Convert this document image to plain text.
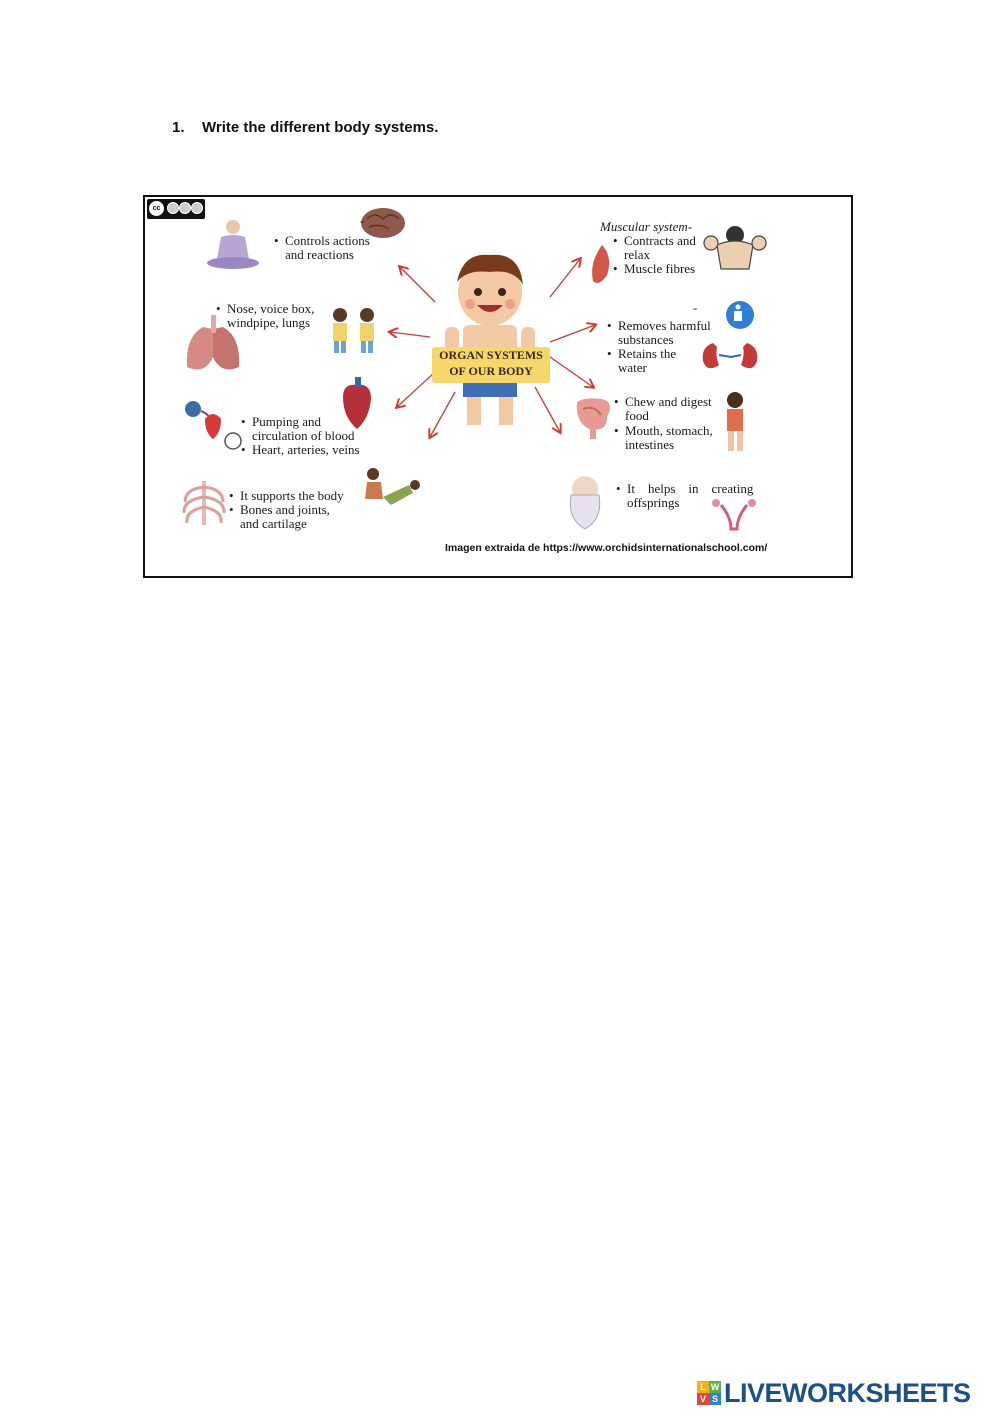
1. Write the different body systems.
cc
ORGAN SYSTEMS
OF OUR BODY
-
• Controls actions
and reactions
• Nose, voice box,
windpipe, lungs
• Pumping and
circulation of blood
• Heart, arteries, veins
• It supports the body
• Bones and joints,
and cartilage
Muscular system-
• Contracts and
relax
• Muscle fibres
-
• Removes harmful
substances
• Retains the
water
• Chew and digest
food
• Mouth, stomach,
intestines
• It    helps    in    creating
offsprings
Imagen extraida de https://www.orchidsinternationalschool.com/
L W
V S LIVEWORKSHEETS
